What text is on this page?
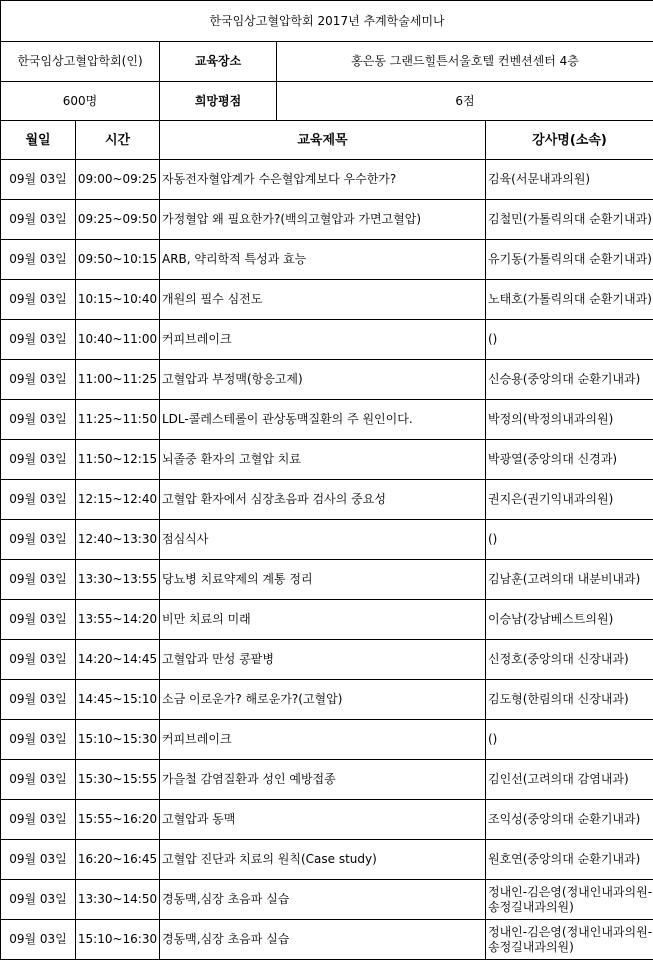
한국임상고혈압학회 2017년 추계학술세미나		
한국임상고혈압학회(인)	교육장소	홍은동 그랜드힐튼서울호텔 컨벤션센터 4층
600명	희망평점	6점
월일	시간	교육제목	강사명(소속)
09월 03일	09:00~09:25	자동전자혈압계가 수은혈압계보다 우수한가?	김육(서문내과의원)
09월 03일	09:25~09:50	가정혈압 왜 필요한가?(백의고혈압과 가면고혈압)	김철민(가톨릭의대 순환기내과)
09월 03일	09:50~10:15	ARB, 약리학적 특성과 효능	유기동(가톨릭의대 순환기내과)
09월 03일	10:15~10:40	개원의 필수 심전도	노태호(가톨릭의대 순환기내과)
09월 03일	10:40~11:00	커피브레이크	()
09월 03일	11:00~11:25	고혈압과 부정맥(항응고제)	신승용(중앙의대 순환기내과)
09월 03일	11:25~11:50	LDL-콜레스테롤이 관상동맥질환의 주 원인이다.	박정의(박정의내과의원)
09월 03일	11:50~12:15	뇌졸중 환자의 고혈압 치료	박광열(중앙의대 신경과)
09월 03일	12:15~12:40	고혈압 환자에서 심장초음파 검사의 중요성	권지은(권기익내과의원)
09월 03일	12:40~13:30	점심식사	()
09월 03일	13:30~13:55	당뇨병 치료약제의 계통 정리	김남훈(고려의대 내분비내과)
09월 03일	13:55~14:20	비만 치료의 미래	이승남(강남베스트의원)
09월 03일	14:20~14:45	고혈압과 만성 콩팥병	신정호(중앙의대 신장내과)
09월 03일	14:45~15:10	소금 이로운가? 해로운가?(고혈압)	김도형(한림의대 신장내과)
09월 03일	15:10~15:30	커피브레이크	()
09월 03일	15:30~15:55	가을철 감염질환과 성인 예방접종	김인선(고려의대 감염내과)
09월 03일	15:55~16:20	고혈압과 동맥	조익성(중앙의대 순환기내과)
09월 03일	16:20~16:45	고혈압 진단과 치료의 원칙(Case study)	원호연(중앙의대 순환기내과)
09월 03일	13:30~14:50	경동맥,심장 초음파 실습	정내인-김은영(정내인내과의원-송정길내과의원)
09월 03일	15:10~16:30	경동맥,심장 초음파 실습	정내인-김은영(정내인내과의원-송정길내과의원)
